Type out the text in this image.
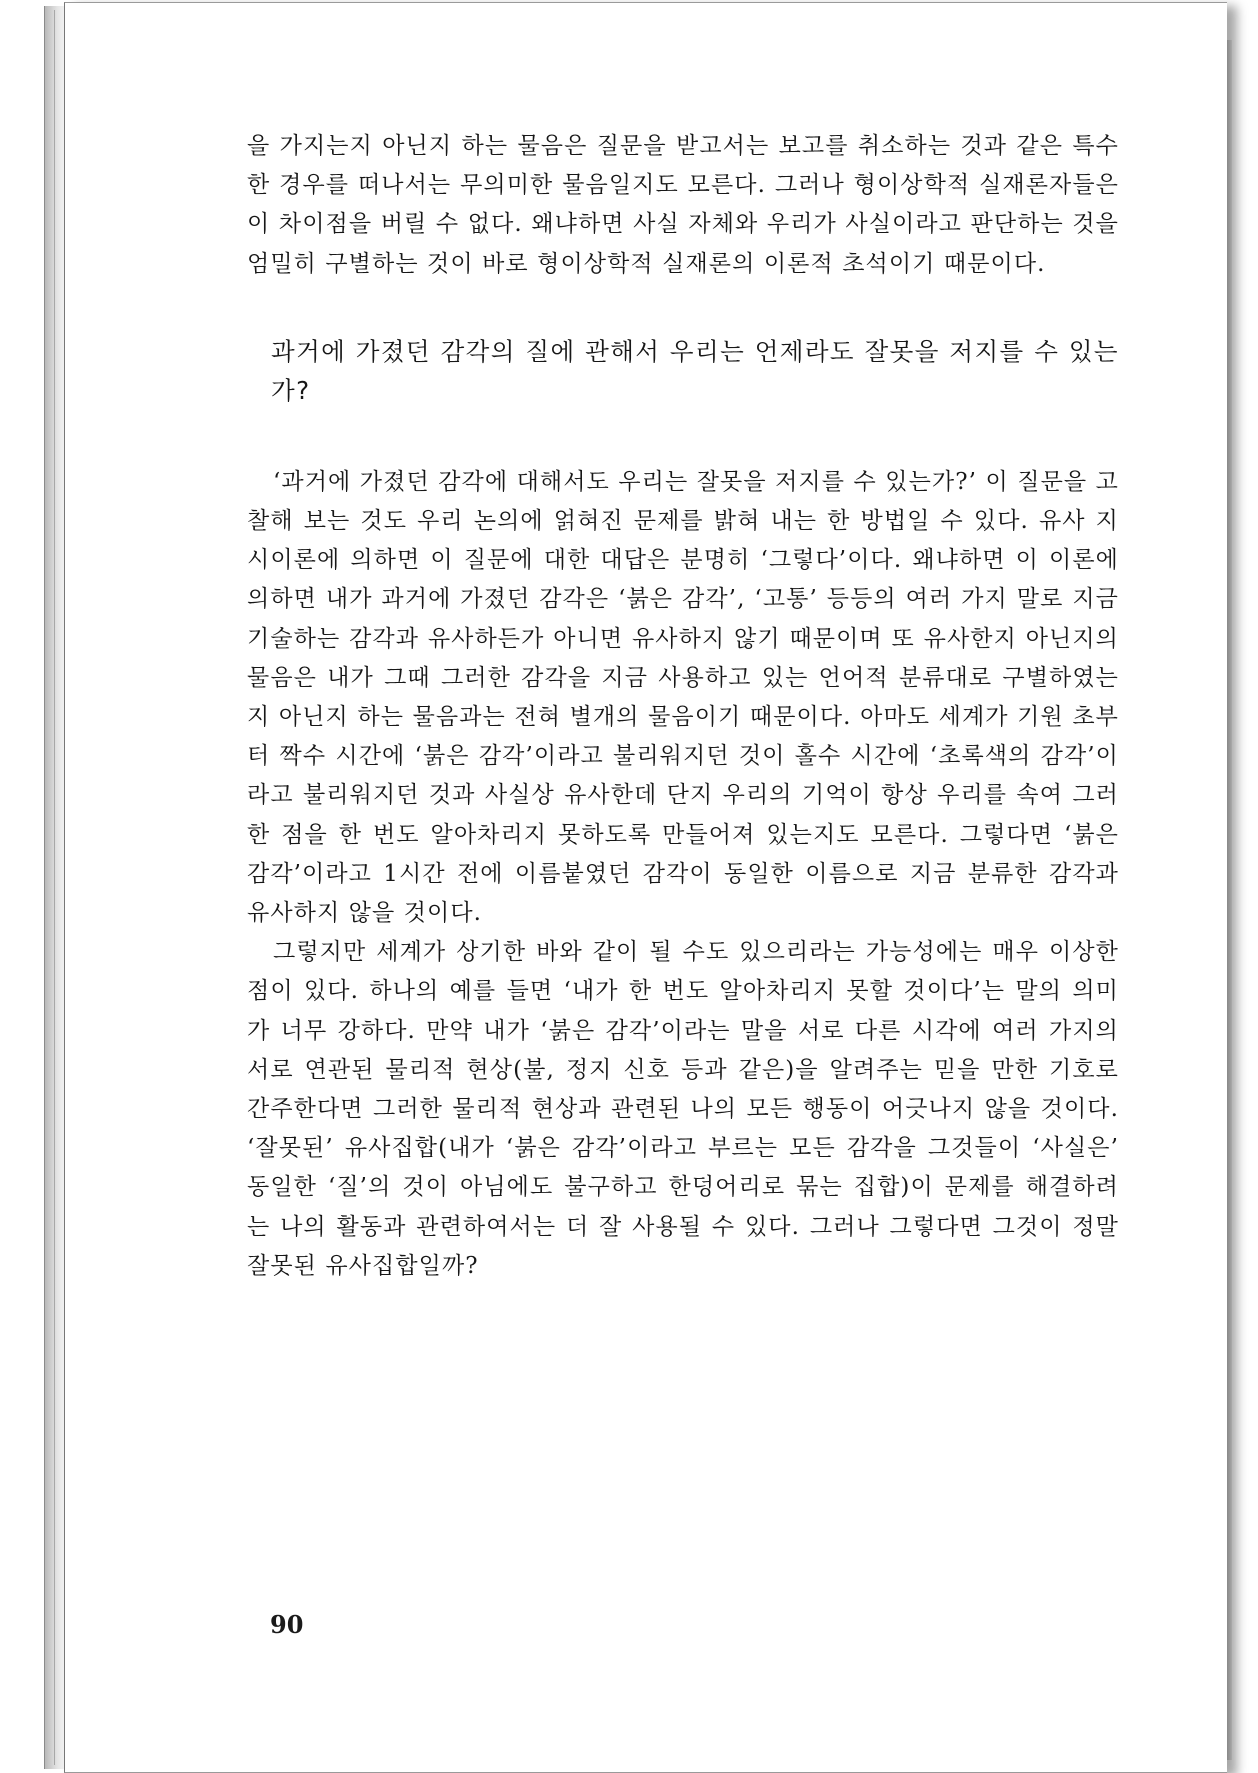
을 가지는지 아닌지 하는 물음은 질문을 받고서는 보고를 취소하는 것과 같은 특수한 경우를 떠나서는 무의미한 물음일지도 모른다. 그러나 형이상학적 실재론자들은 이 차이점을 버릴 수 없다. 왜냐하면 사실 자체와 우리가 사실이라고 판단하는 것을 엄밀히 구별하는 것이 바로 형이상학적 실재론의 이론적 초석이기 때문이다.

과거에 가졌던 감각의 질에 관해서 우리는 언제라도 잘못을 저지를 수 있는가?

‘과거에 가졌던 감각에 대해서도 우리는 잘못을 저지를 수 있는가?’ 이 질문을 고찰해 보는 것도 우리 논의에 얽혀진 문제를 밝혀 내는 한 방법일 수 있다. 유사 지시이론에 의하면 이 질문에 대한 대답은 분명히 ‘그렇다’이다. 왜냐하면 이 이론에 의하면 내가 과거에 가졌던 감각은 ‘붉은 감각’, ‘고통’ 등등의 여러 가지 말로 지금 기술하는 감각과 유사하든가 아니면 유사하지 않기 때문이며 또 유사한지 아닌지의 물음은 내가 그때 그러한 감각을 지금 사용하고 있는 언어적 분류대로 구별하였는지 아닌지 하는 물음과는 전혀 별개의 물음이기 때문이다. 아마도 세계가 기원 초부터 짝수 시간에 ‘붉은 감각’이라고 불리워지던 것이 홀수 시간에 ‘초록색의 감각’이라고 불리워지던 것과 사실상 유사한데 단지 우리의 기억이 항상 우리를 속여 그러한 점을 한 번도 알아차리지 못하도록 만들어져 있는지도 모른다. 그렇다면 ‘붉은 감각’이라고 1시간 전에 이름붙였던 감각이 동일한 이름으로 지금 분류한 감각과 유사하지 않을 것이다.

그렇지만 세계가 상기한 바와 같이 될 수도 있으리라는 가능성에는 매우 이상한 점이 있다. 하나의 예를 들면 ‘내가 한 번도 알아차리지 못할 것이다’는 말의 의미가 너무 강하다. 만약 내가 ‘붉은 감각’이라는 말을 서로 다른 시각에 여러 가지의 서로 연관된 물리적 현상(불, 정지 신호 등과 같은)을 알려주는 믿을 만한 기호로 간주한다면 그러한 물리적 현상과 관련된 나의 모든 행동이 어긋나지 않을 것이다. ‘잘못된’ 유사집합(내가 ‘붉은 감각’이라고 부르는 모든 감각을 그것들이 ‘사실은’ 동일한 ‘질’의 것이 아님에도 불구하고 한덩어리로 묶는 집합)이 문제를 해결하려는 나의 활동과 관련하여서는 더 잘 사용될 수 있다. 그러나 그렇다면 그것이 정말 잘못된 유사집합일까?

90
